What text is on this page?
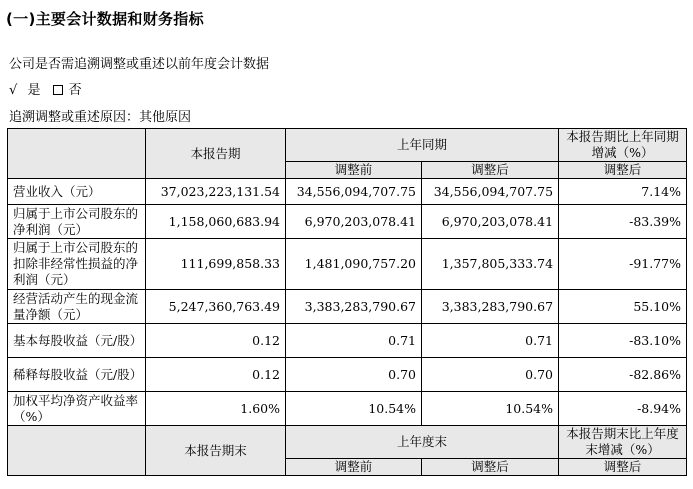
(一)主要会计数据和财务指标
公司是否需追溯调整或重述以前年度会计数据
√ 是 否
追溯调整或重述原因：其他原因
	本报告期	上年同期		本报告期比上年同期增减（%）
		调整前	调整后	调整后
营业收入（元）	37,023,223,131.54	34,556,094,707.75	34,556,094,707.75	7.14%
归属于上市公司股东的净利润（元）	1,158,060,683.94	6,970,203,078.41	6,970,203,078.41	-83.39%
归属于上市公司股东的扣除非经常性损益的净利润（元）	111,699,858.33	1,481,090,757.20	1,357,805,333.74	-91.77%
经营活动产生的现金流量净额（元）	5,247,360,763.49	3,383,283,790.67	3,383,283,790.67	55.10%
基本每股收益（元/股）	0.12	0.71	0.71	-83.10%
稀释每股收益（元/股）	0.12	0.70	0.70	-82.86%
加权平均净资产收益率（%）	1.60%	10.54%	10.54%	-8.94%
	本报告期末	上年度末		本报告期末比上年度末增减（%）
		调整前	调整后	调整后
